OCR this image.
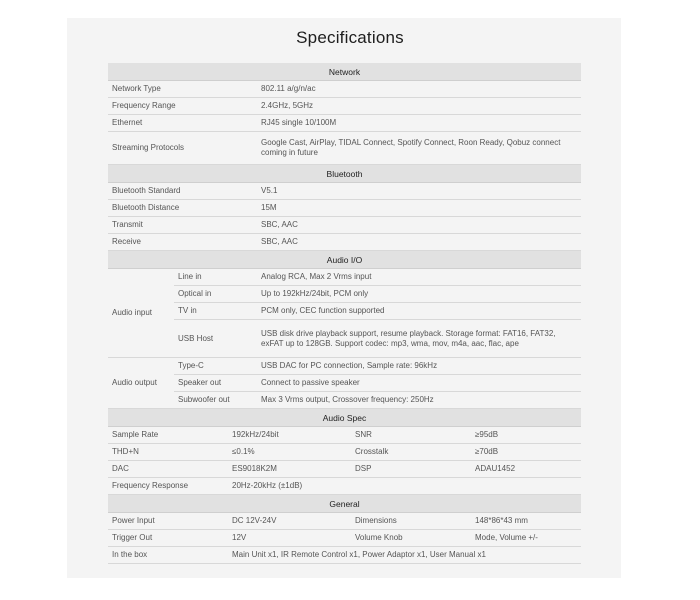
Specifications
Network					
Network Type			802.11 a/g/n/ac		
Frequency Range			2.4GHz, 5GHz		
Ethernet			RJ45 single 10/100M		
Streaming Protocols			Google Cast, AirPlay, TIDAL Connect, Spotify Connect, Roon Ready, Qobuz connect coming in future		
Bluetooth					
Bluetooth Standard			V5.1		
Bluetooth Distance			15M		
Transmit			SBC, AAC		
Receive			SBC, AAC		
Audio I/O					
Audio input	Line in		Analog RCA, Max 2 Vrms input		
	Optical in		Up to 192kHz/24bit, PCM only		
	TV in		PCM only, CEC function supported		
	USB Host		USB disk drive playback support, resume playback. Storage format: FAT16, FAT32, exFAT up to 128GB. Support codec: mp3, wma, mov, m4a, aac, flac, ape		
Audio output	Type-C		USB DAC for PC connection, Sample rate: 96kHz		
	Speaker out		Connect to passive speaker		
	Subwoofer out		Max 3 Vrms output, Crossover frequency: 250Hz		
Audio Spec					
Sample Rate		192kHz/24bit		SNR	≥95dB
THD+N		≤0.1%		Crosstalk	≥70dB
DAC		ES9018K2M		DSP	ADAU1452
Frequency Response		20Hz-20kHz (±1dB)			
General					
Power Input		DC 12V-24V		Dimensions	148*86*43 mm
Trigger Out		12V		Volume Knob	Mode, Volume +/-
In the box		Main Unit x1, IR Remote Control x1, Power Adaptor x1, User Manual x1			
